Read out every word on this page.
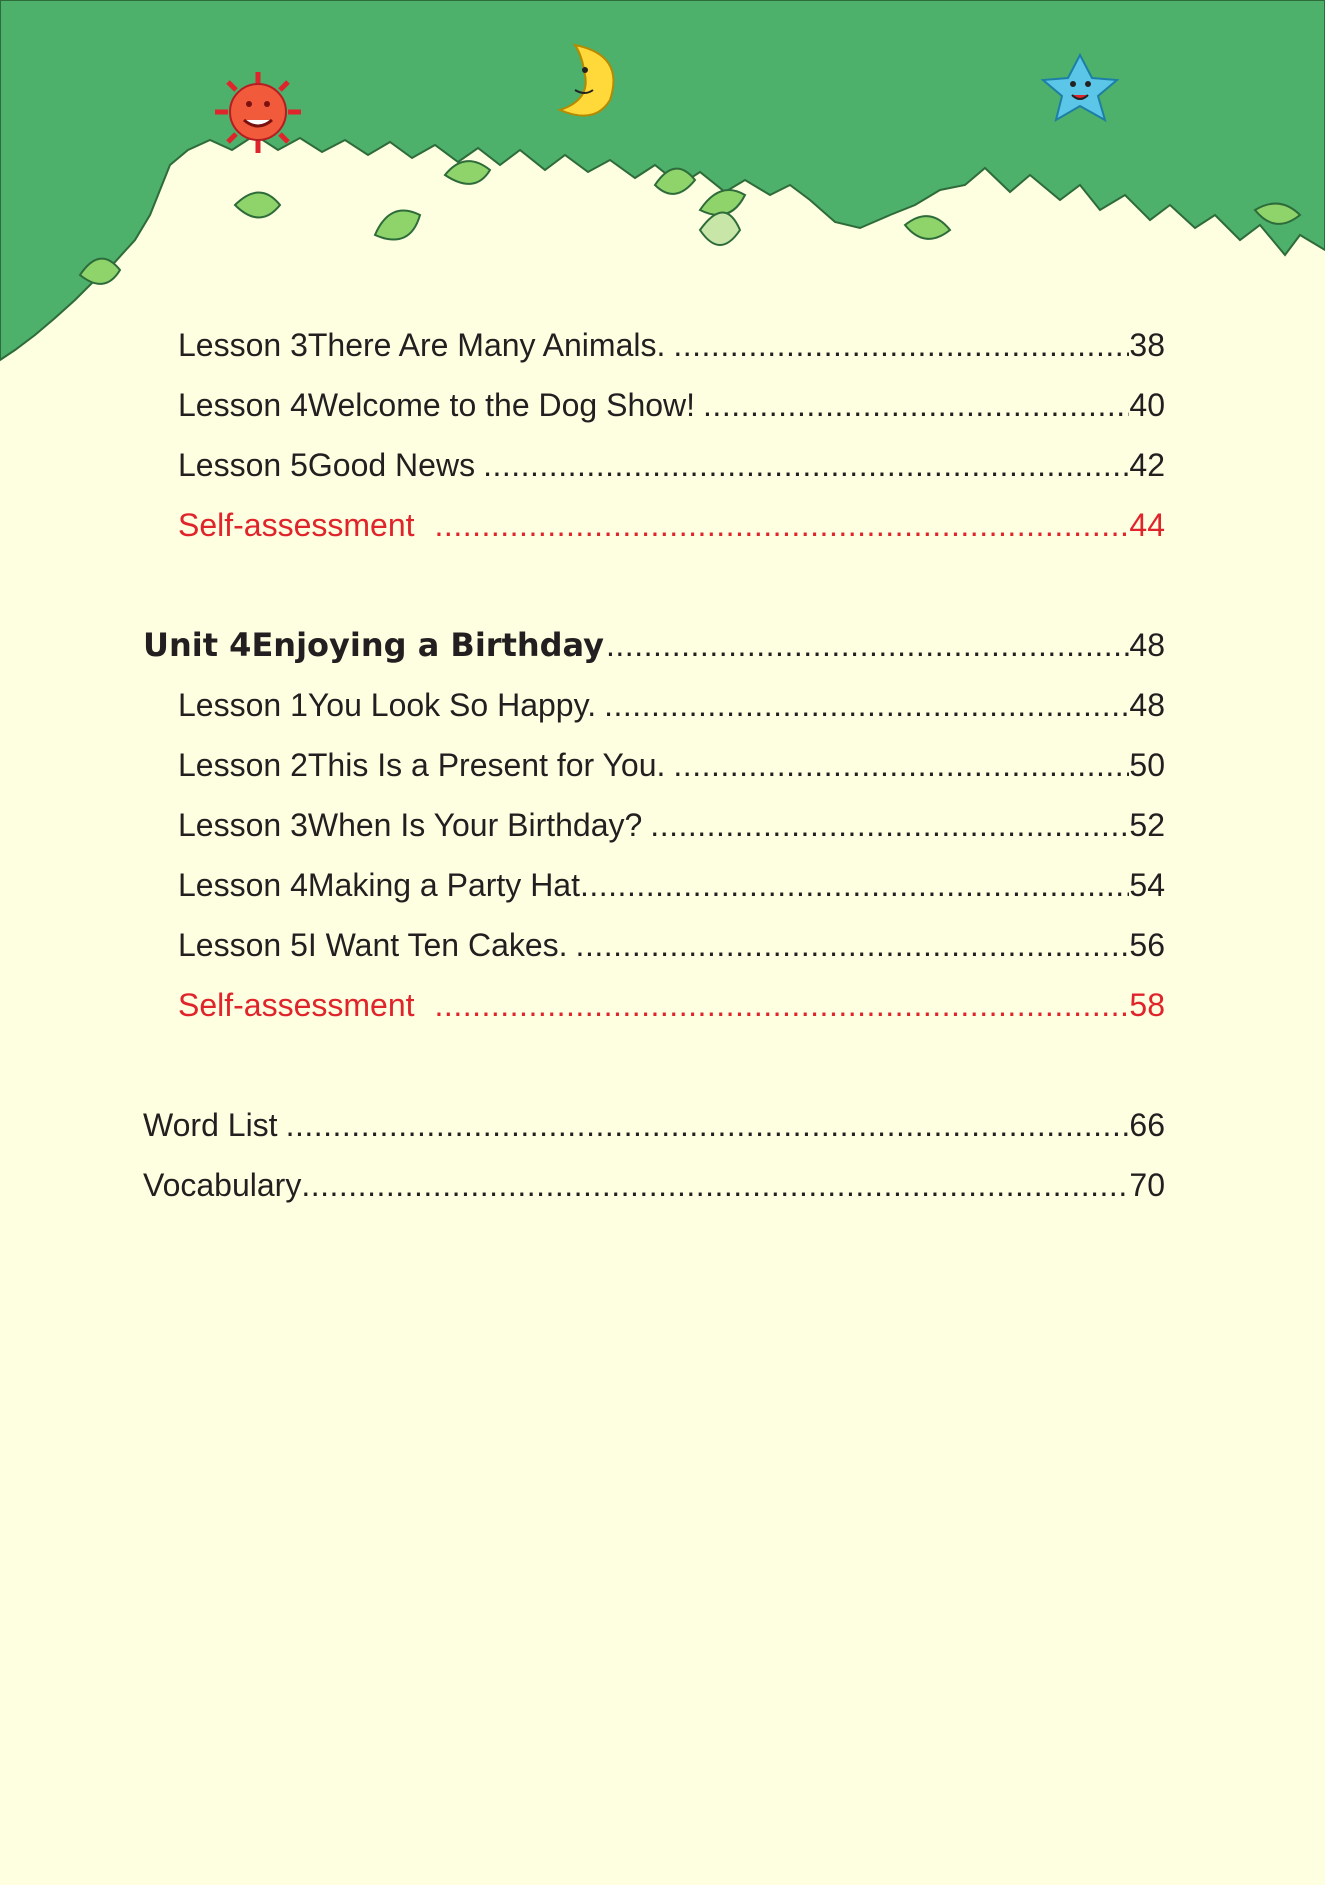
Lesson 3 There Are Many Animals. .....	38
Lesson 4 Welcome to the Dog Show! .....	40
Lesson 5 Good News .....	42
Self-assessment .....	44
Unit 4 Enjoying a Birthday .....	48
Lesson 1 You Look So Happy. .....	48
Lesson 2 This Is a Present for You. .....	50
Lesson 3 When Is Your Birthday? .....	52
Lesson 4 Making a Party Hat .....	54
Lesson 5 I Want Ten Cakes. .....	56
Self-assessment .....	58
Word List .....	66
Vocabulary .....	70
